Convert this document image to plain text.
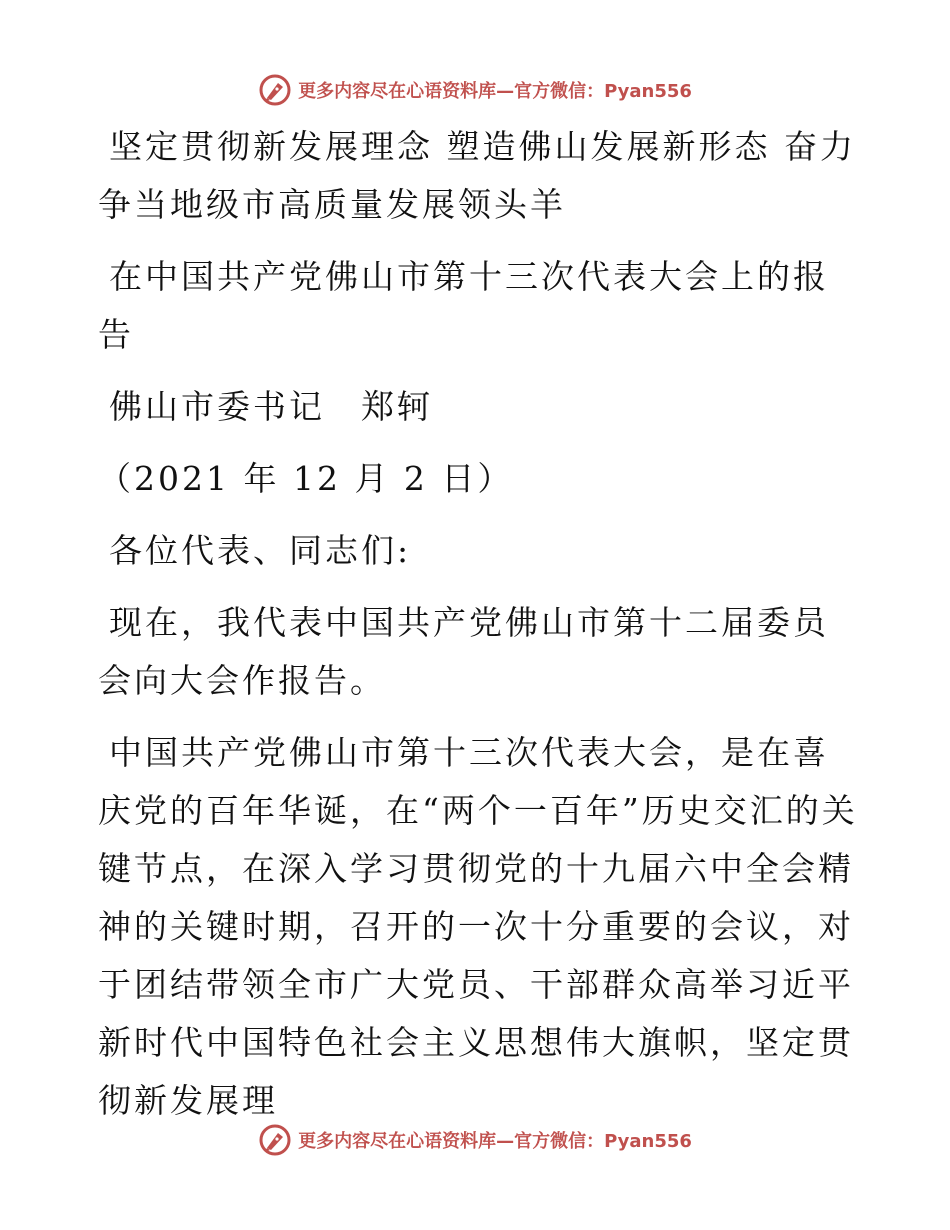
更多内容尽在心语资料库—官方微信：Pyan556

坚定贯彻新发展理念 塑造佛山发展新形态 奋力争当地级市高质量发展领头羊

在中国共产党佛山市第十三次代表大会上的报告

佛山市委书记　郑轲

（2021 年 12 月 2 日）

各位代表、同志们:

现在，我代表中国共产党佛山市第十二届委员会向大会作报告。

中国共产党佛山市第十三次代表大会，是在喜庆党的百年华诞，在“两个一百年”历史交汇的关键节点，在深入学习贯彻党的十九届六中全会精神的关键时期，召开的一次十分重要的会议，对于团结带领全市广大党员、干部群众高举习近平新时代中国特色社会主义思想伟大旗帜，坚定贯彻新发展理

更多内容尽在心语资料库—官方微信：Pyan556
